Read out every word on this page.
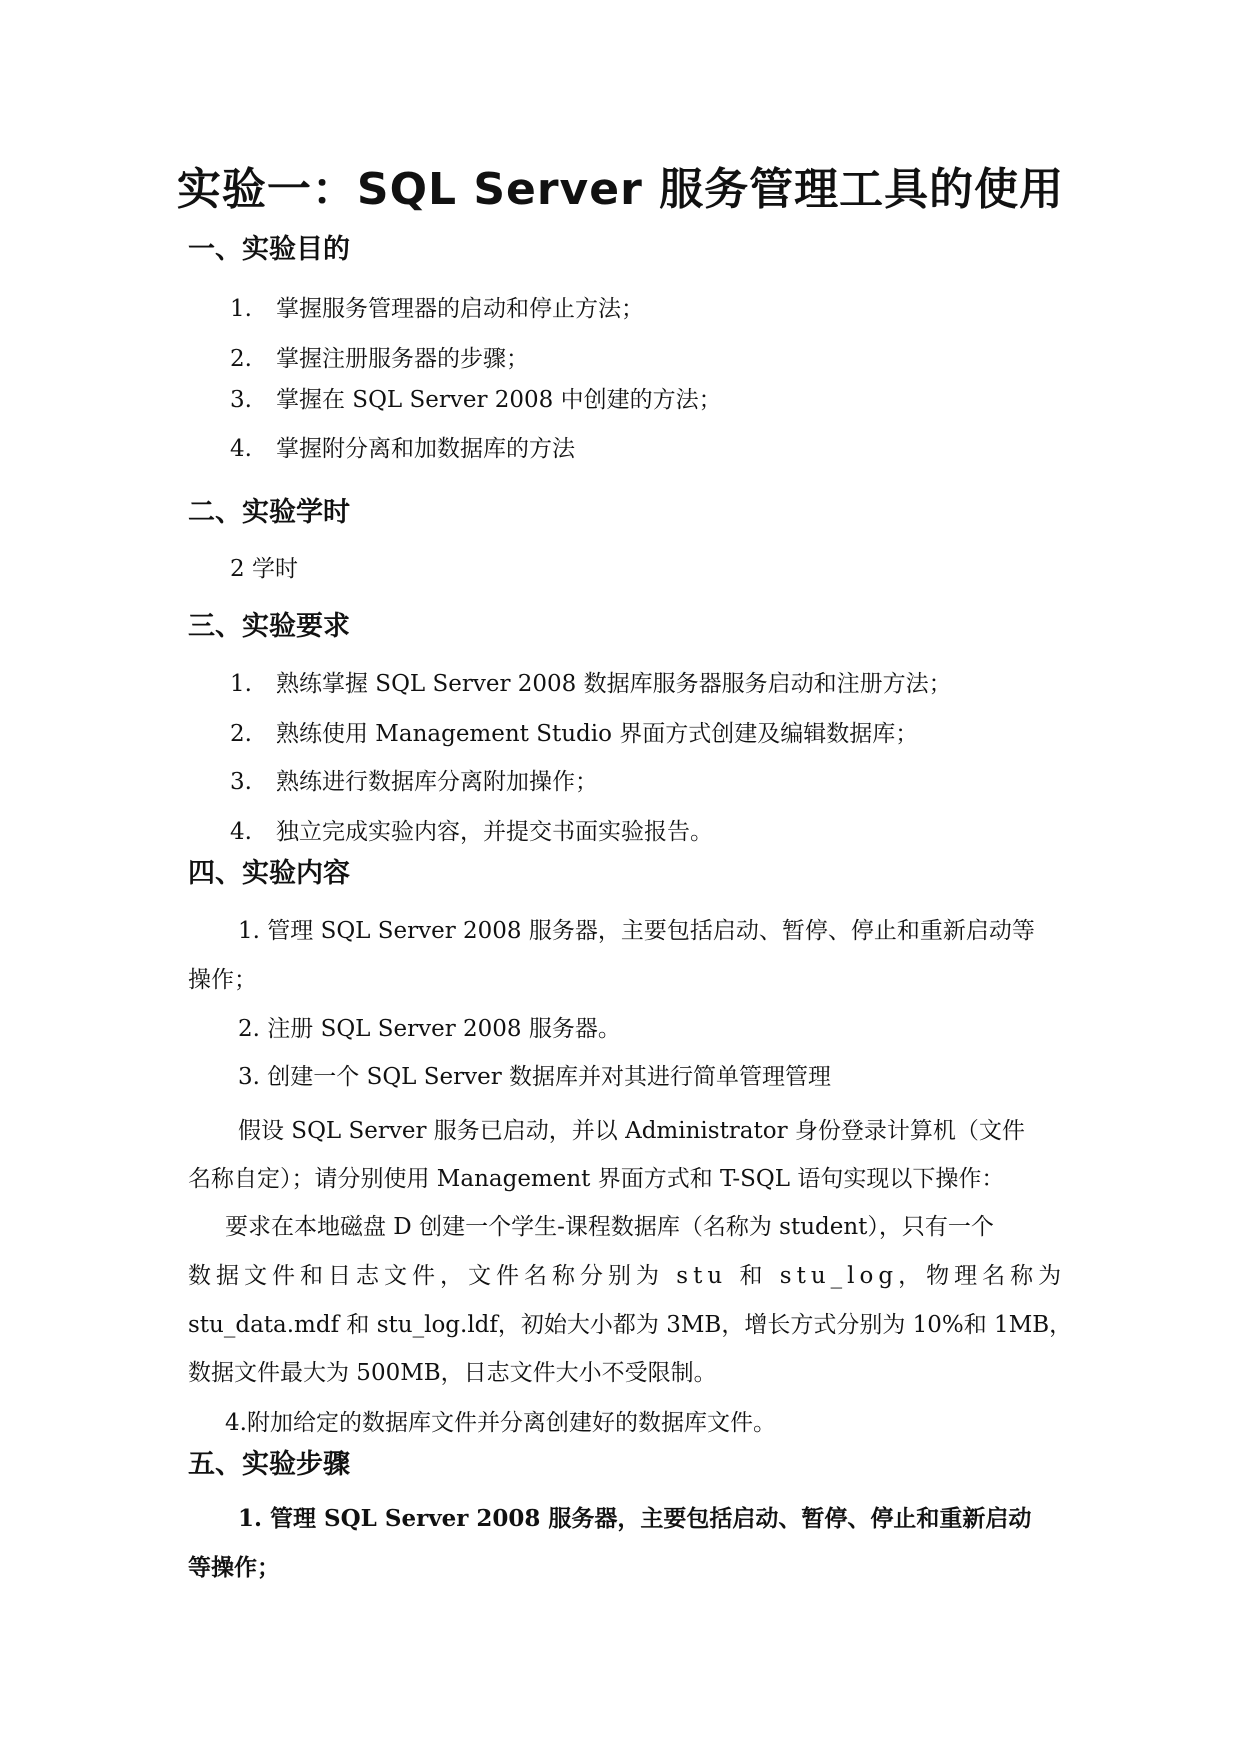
实验一：SQL Server 服务管理工具的使用
一、实验目的
1. 掌握服务管理器的启动和停止方法；
2. 掌握注册服务器的步骤；
3. 掌握在 SQL Server 2008 中创建的方法；
4. 掌握附分离和加数据库的方法
二、实验学时
2 学时
三、实验要求
1. 熟练掌握 SQL Server 2008 数据库服务器服务启动和注册方法；
2. 熟练使用 Management Studio 界面方式创建及编辑数据库；
3. 熟练进行数据库分离附加操作；
4. 独立完成实验内容，并提交书面实验报告。
四、实验内容
1. 管理 SQL Server 2008 服务器，主要包括启动、暂停、停止和重新启动等
操作；
2. 注册 SQL Server 2008 服务器。
3. 创建一个 SQL Server 数据库并对其进行简单管理管理
假设 SQL Server 服务已启动，并以 Administrator 身份登录计算机（文件
名称自定）；请分别使用 Management 界面方式和 T-SQL 语句实现以下操作：
要求在本地磁盘 D 创建一个学生-课程数据库（名称为 student），只有一个
数据文件和日志文件，文件名称分别为 stu 和 stu_log，物理名称为
stu_data.mdf 和 stu_log.ldf，初始大小都为 3MB，增长方式分别为 10%和 1MB，
数据文件最大为 500MB，日志文件大小不受限制。
4.附加给定的数据库文件并分离创建好的数据库文件。
五、实验步骤
1. 管理 SQL Server 2008 服务器，主要包括启动、暂停、停止和重新启动
等操作；
